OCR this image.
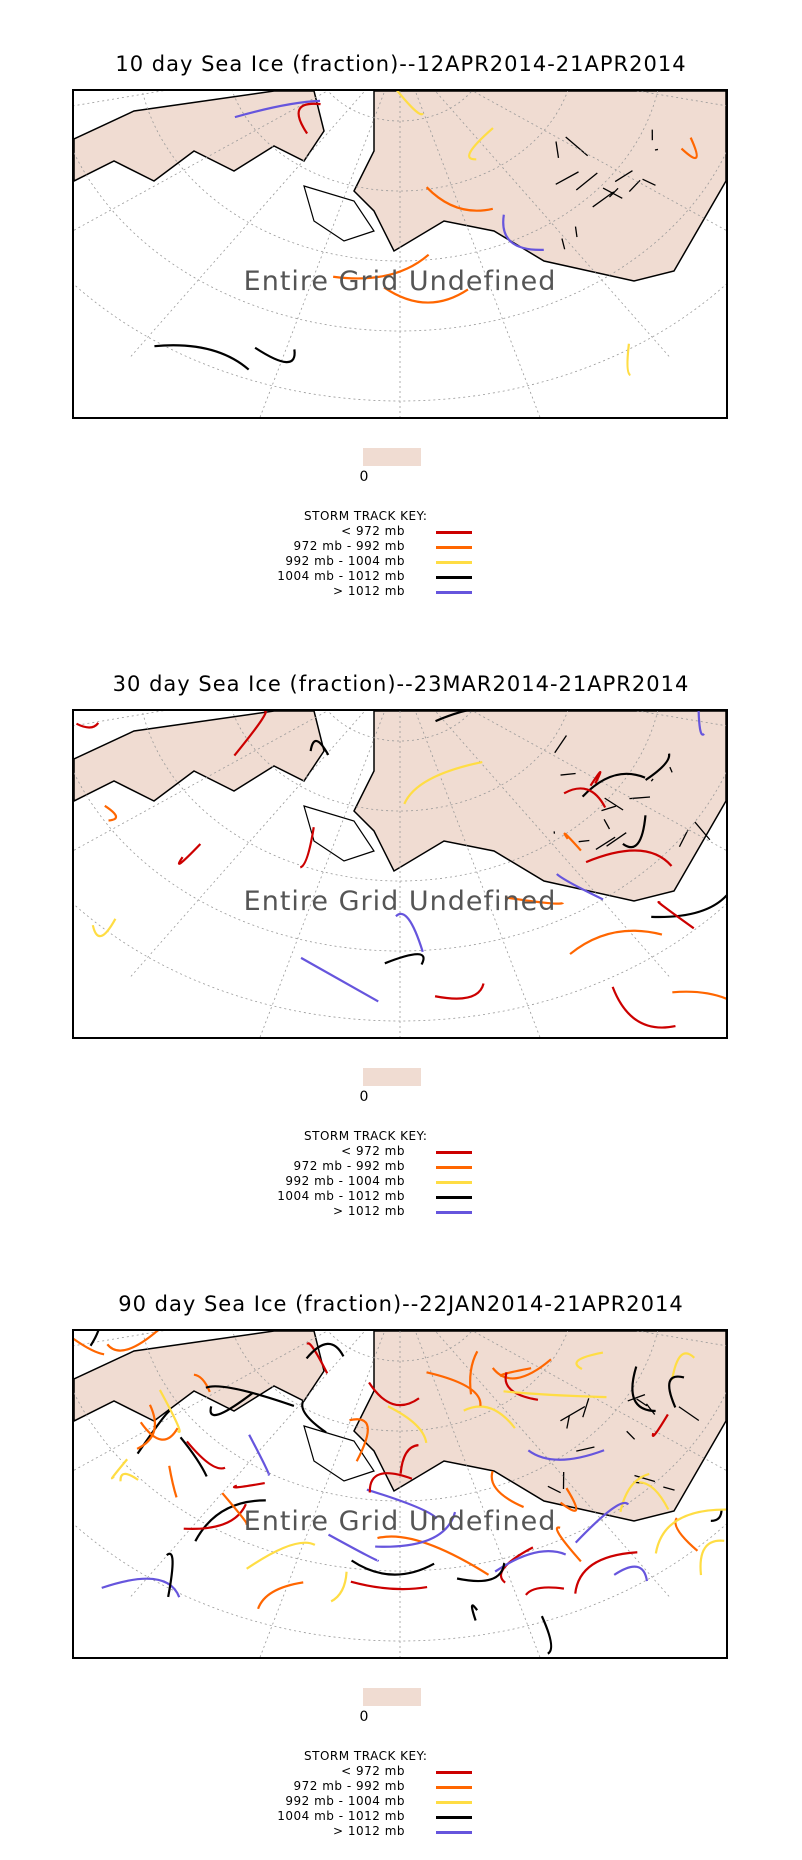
10 day Sea Ice (fraction)--12APR2014-21APR2014
Entire Grid Undefined
0
STORM TRACK KEY:
< 972 mb
972 mb - 992 mb
992 mb - 1004 mb
1004 mb - 1012 mb
> 1012 mb
30 day Sea Ice (fraction)--23MAR2014-21APR2014
Entire Grid Undefined
0
STORM TRACK KEY:
< 972 mb
972 mb - 992 mb
992 mb - 1004 mb
1004 mb - 1012 mb
> 1012 mb
90 day Sea Ice (fraction)--22JAN2014-21APR2014
Entire Grid Undefined
0
STORM TRACK KEY:
< 972 mb
972 mb - 992 mb
992 mb - 1004 mb
1004 mb - 1012 mb
> 1012 mb
